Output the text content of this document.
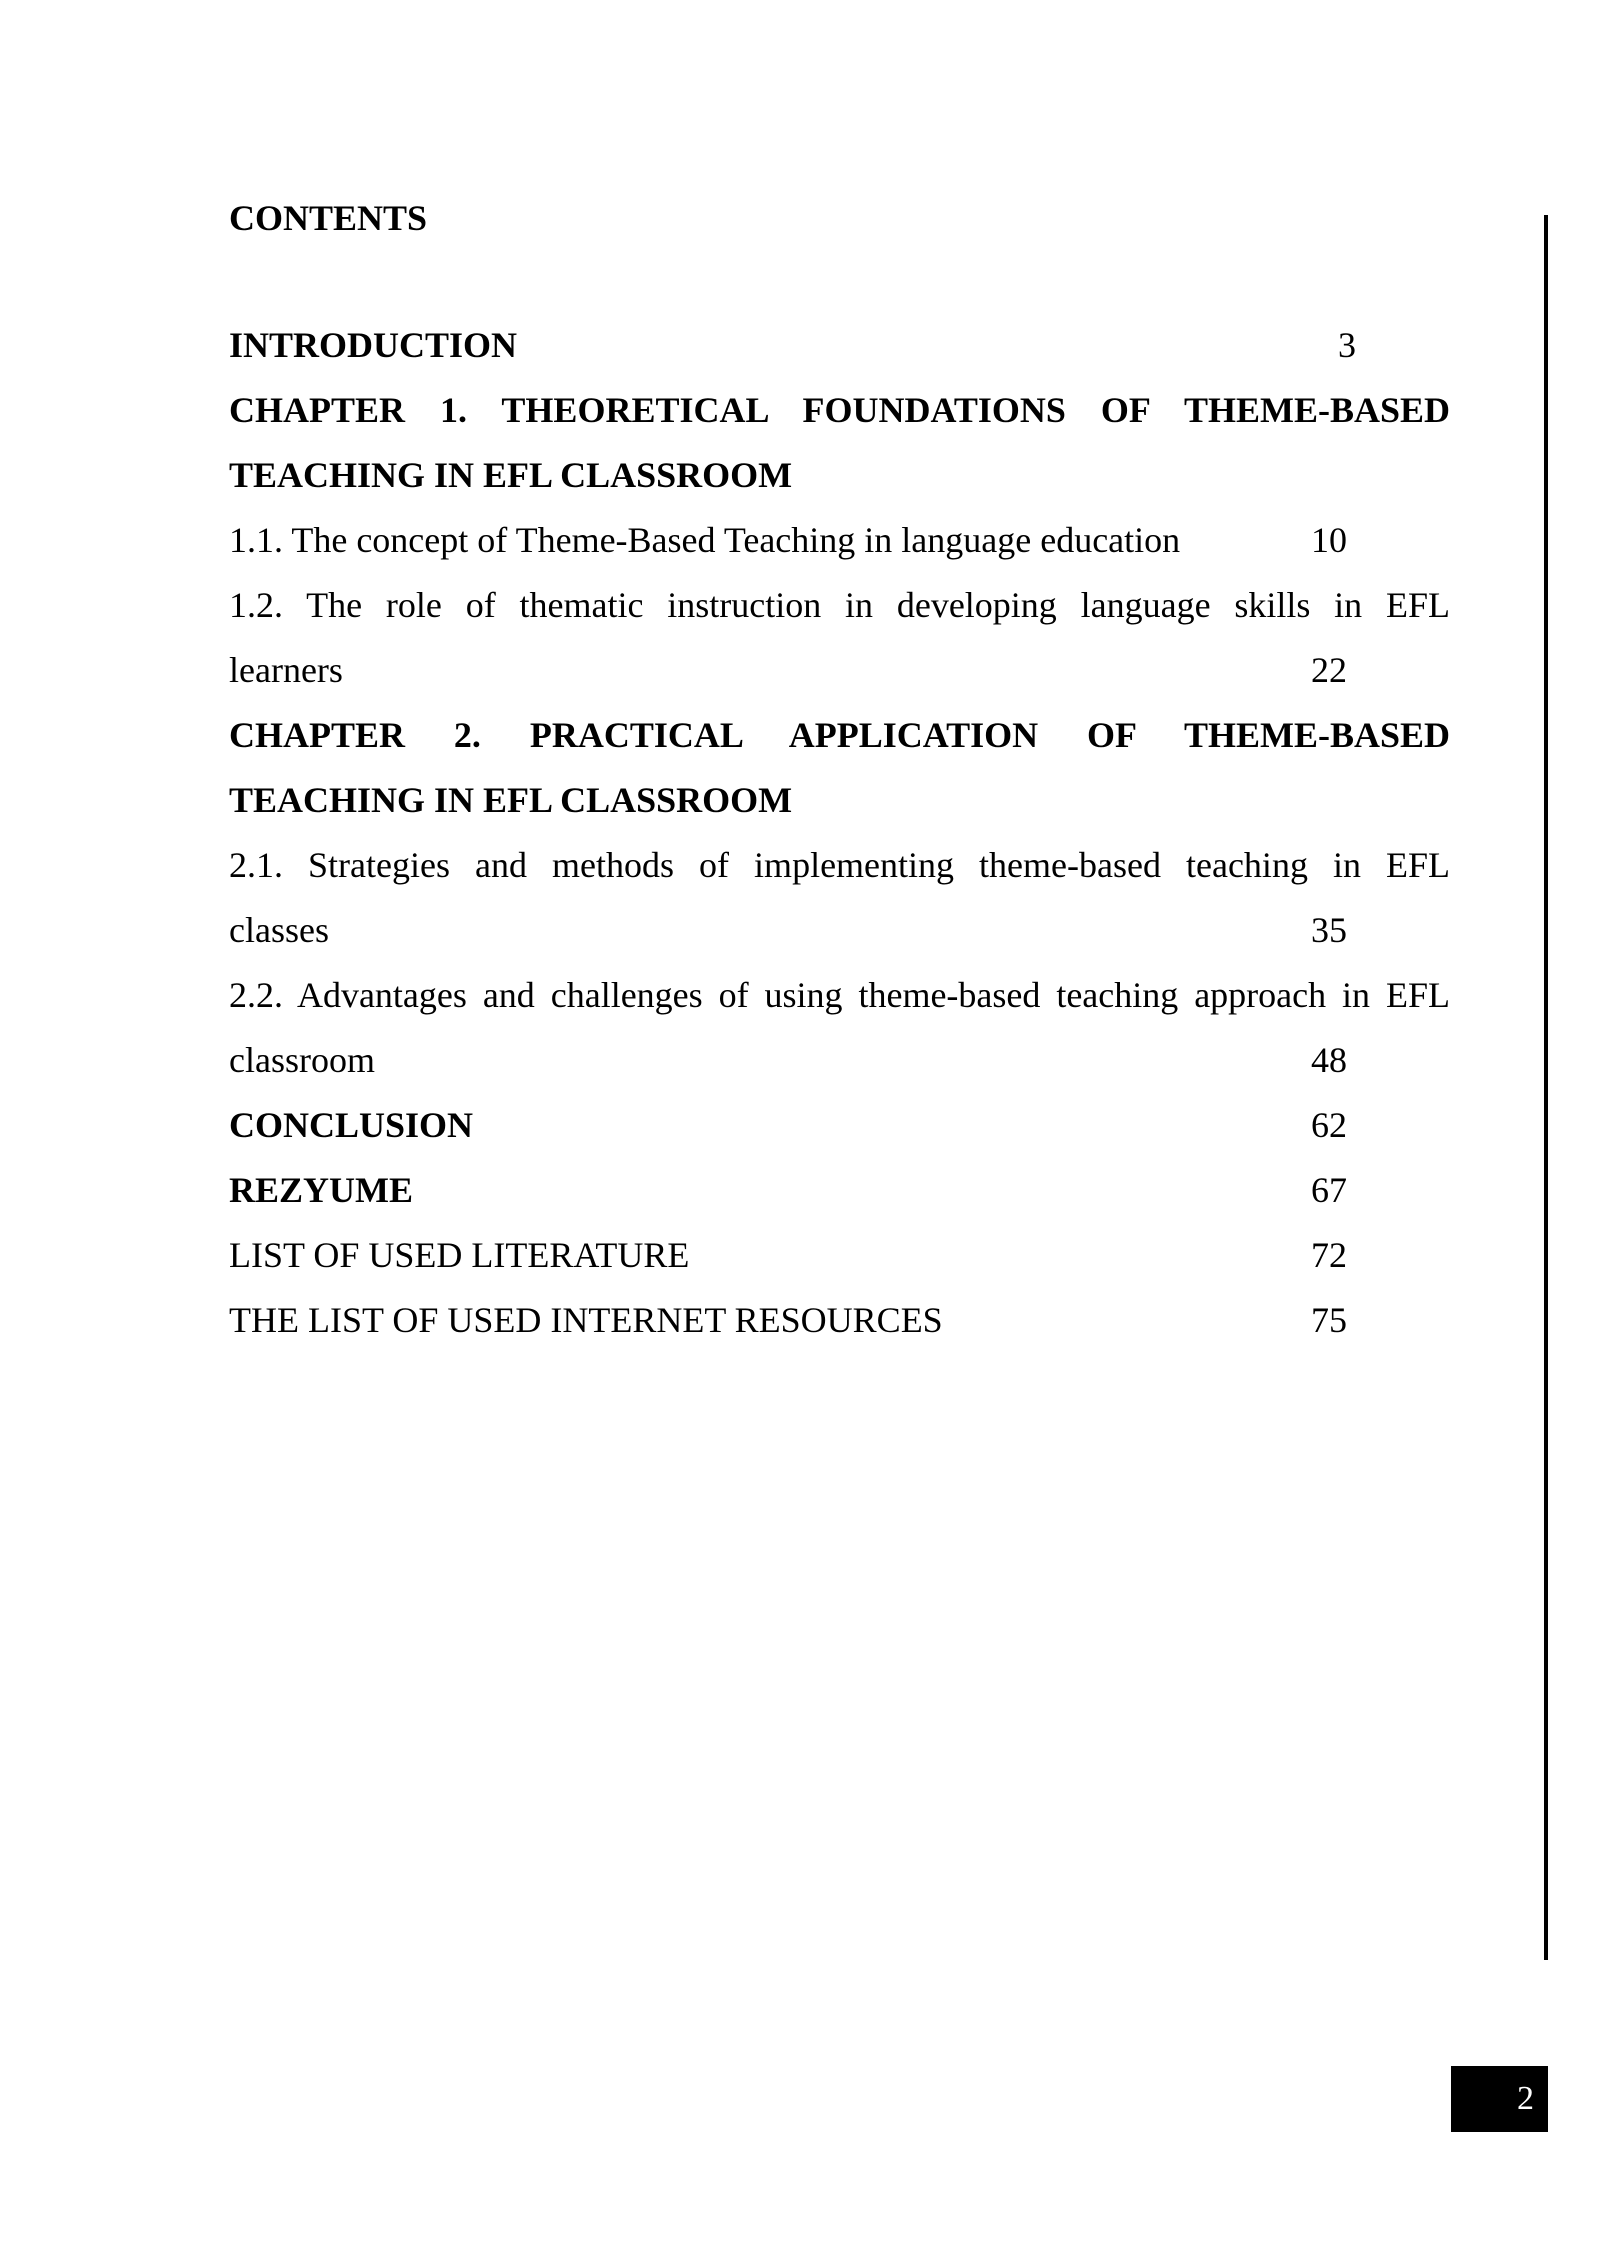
CONTENTS
INTRODUCTION	3
CHAPTER 1. THEORETICAL FOUNDATIONS OF THEME-BASED
TEACHING IN EFL CLASSROOM
1.1. The concept of Theme-Based Teaching in language education	10
1.2. The role of thematic instruction in developing language skills in EFL
learners	22
CHAPTER 2. PRACTICAL APPLICATION OF THEME-BASED
TEACHING IN EFL CLASSROOM
2.1. Strategies and methods of implementing theme-based teaching in EFL
classes	35
2.2. Advantages and challenges of using theme-based teaching approach in EFL
classroom	48
CONCLUSION	62
REZYUME	67
LIST OF USED LITERATURE	72
THE LIST OF USED INTERNET RESOURCES	75
2
